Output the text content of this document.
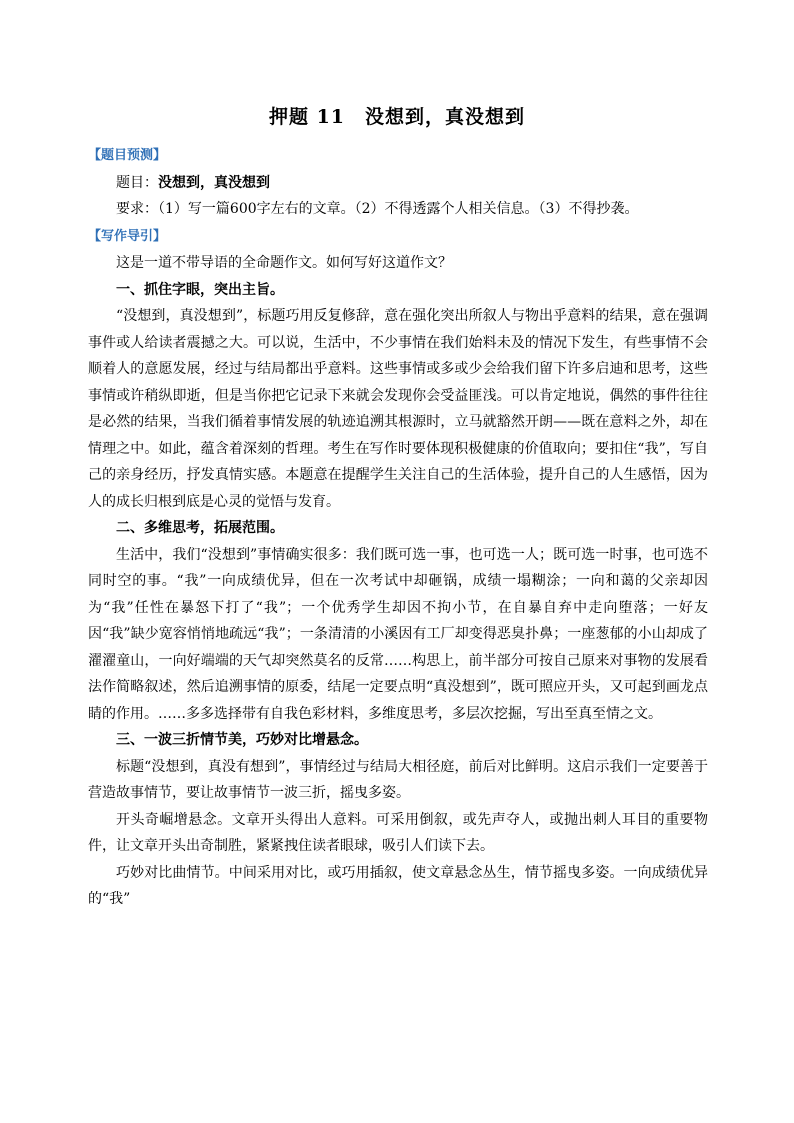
押题 11　没想到，真没想到

【题目预测】

题目：没想到，真没想到

要求：（1）写一篇600字左右的文章。（2）不得透露个人相关信息。（3）不得抄袭。

【写作导引】

这是一道不带导语的全命题作文。如何写好这道作文？

一、抓住字眼，突出主旨。

“没想到，真没想到”，标题巧用反复修辞，意在强化突出所叙人与物出乎意料的结果，意在强调事件或人给读者震撼之大。可以说，生活中，不少事情在我们始料未及的情况下发生，有些事情不会顺着人的意愿发展，经过与结局都出乎意料。这些事情或多或少会给我们留下许多启迪和思考，这些事情或许稍纵即逝，但是当你把它记录下来就会发现你会受益匪浅。可以肯定地说，偶然的事件往往是必然的结果，当我们循着事情发展的轨迹追溯其根源时，立马就豁然开朗——既在意料之外，却在情理之中。如此，蕴含着深刻的哲理。考生在写作时要体现积极健康的价值取向；要扣住“我”，写自己的亲身经历，抒发真情实感。本题意在提醒学生关注自己的生活体验，提升自己的人生感悟，因为人的成长归根到底是心灵的觉悟与发育。

二、多维思考，拓展范围。

生活中，我们“没想到”事情确实很多：我们既可选一事，也可选一人；既可选一时事，也可选不同时空的事。“我”一向成绩优异，但在一次考试中却砸锅，成绩一塌糊涂；一向和蔼的父亲却因为“我”任性在暴怒下打了“我”；一个优秀学生却因不拘小节，在自暴自弃中走向堕落；一好友因“我”缺少宽容悄悄地疏远“我”；一条清清的小溪因有工厂却变得恶臭扑鼻；一座葱郁的小山却成了濯濯童山，一向好端端的天气却突然莫名的反常……构思上，前半部分可按自己原来对事物的发展看法作简略叙述，然后追溯事情的原委，结尾一定要点明“真没想到”，既可照应开头，又可起到画龙点睛的作用。……多多选择带有自我色彩材料，多维度思考，多层次挖掘，写出至真至情之文。

三、一波三折情节美，巧妙对比增悬念。

标题“没想到，真没有想到”，事情经过与结局大相径庭，前后对比鲜明。这启示我们一定要善于营造故事情节，要让故事情节一波三折，摇曳多姿。

开头奇崛增悬念。文章开头得出人意料。可采用倒叙，或先声夺人，或抛出刺人耳目的重要物件，让文章开头出奇制胜，紧紧拽住读者眼球，吸引人们读下去。

巧妙对比曲情节。中间采用对比，或巧用插叙，使文章悬念丛生，情节摇曳多姿。一向成绩优异的“我”
